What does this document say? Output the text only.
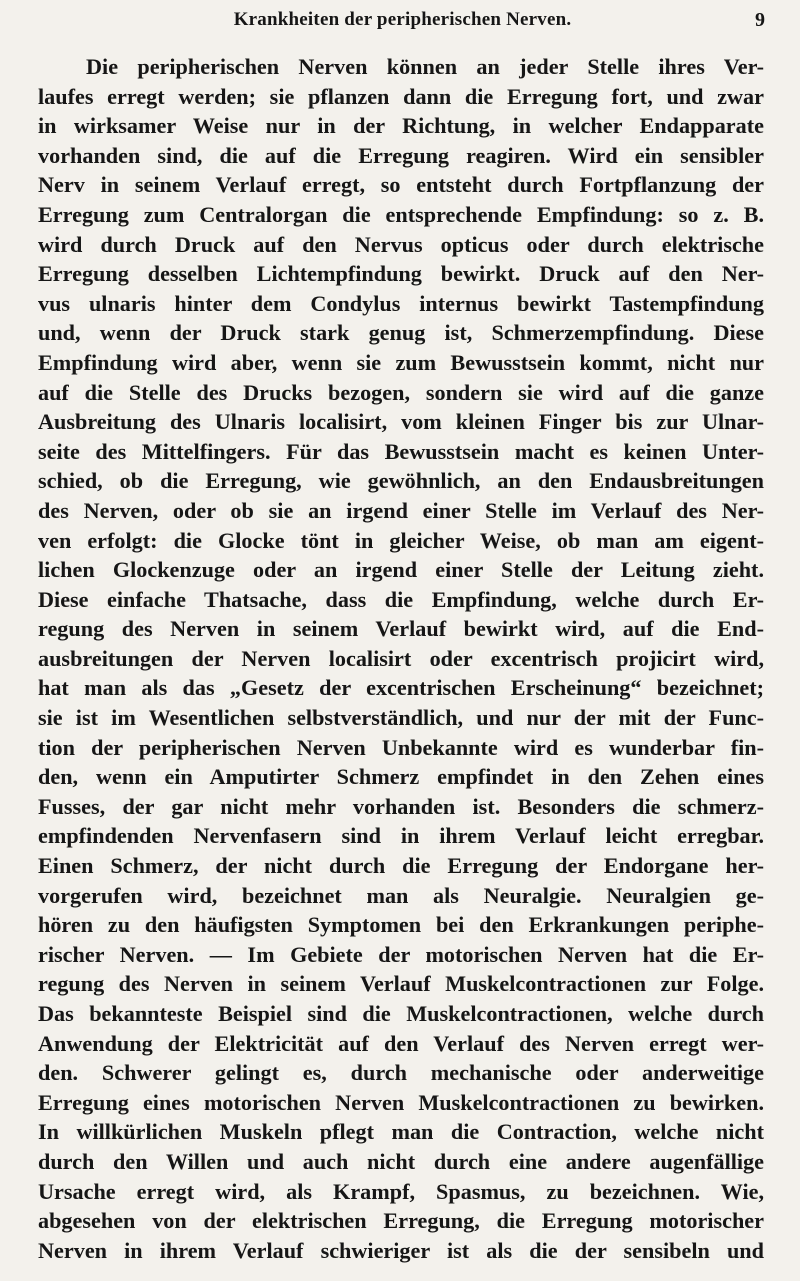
Krankheiten der peripherischen Nerven.	9
Die peripherischen Nerven können an jeder Stelle ihres Ver-
laufes erregt werden; sie pflanzen dann die Erregung fort, und zwar
in wirksamer Weise nur in der Richtung, in welcher Endapparate
vorhanden sind, die auf die Erregung reagiren. Wird ein sensibler
Nerv in seinem Verlauf erregt, so entsteht durch Fortpflanzung der
Erregung zum Centralorgan die entsprechende Empfindung: so z. B.
wird durch Druck auf den Nervus opticus oder durch elektrische
Erregung desselben Lichtempfindung bewirkt. Druck auf den Ner-
vus ulnaris hinter dem Condylus internus bewirkt Tastempfindung
und, wenn der Druck stark genug ist, Schmerzempfindung. Diese
Empfindung wird aber, wenn sie zum Bewusstsein kommt, nicht nur
auf die Stelle des Drucks bezogen, sondern sie wird auf die ganze
Ausbreitung des Ulnaris localisirt, vom kleinen Finger bis zur Ulnar-
seite des Mittelfingers. Für das Bewusstsein macht es keinen Unter-
schied, ob die Erregung, wie gewöhnlich, an den Endausbreitungen
des Nerven, oder ob sie an irgend einer Stelle im Verlauf des Ner-
ven erfolgt: die Glocke tönt in gleicher Weise, ob man am eigent-
lichen Glockenzuge oder an irgend einer Stelle der Leitung zieht.
Diese einfache Thatsache, dass die Empfindung, welche durch Er-
regung des Nerven in seinem Verlauf bewirkt wird, auf die End-
ausbreitungen der Nerven localisirt oder excentrisch projicirt wird,
hat man als das „Gesetz der excentrischen Erscheinung“ bezeichnet;
sie ist im Wesentlichen selbstverständlich, und nur der mit der Func-
tion der peripherischen Nerven Unbekannte wird es wunderbar fin-
den, wenn ein Amputirter Schmerz empfindet in den Zehen eines
Fusses, der gar nicht mehr vorhanden ist. Besonders die schmerz-
empfindenden Nervenfasern sind in ihrem Verlauf leicht erregbar.
Einen Schmerz, der nicht durch die Erregung der Endorgane her-
vorgerufen wird, bezeichnet man als Neuralgie. Neuralgien ge-
hören zu den häufigsten Symptomen bei den Erkrankungen periphe-
rischer Nerven. — Im Gebiete der motorischen Nerven hat die Er-
regung des Nerven in seinem Verlauf Muskelcontractionen zur Folge.
Das bekannteste Beispiel sind die Muskelcontractionen, welche durch
Anwendung der Elektricität auf den Verlauf des Nerven erregt wer-
den. Schwerer gelingt es, durch mechanische oder anderweitige
Erregung eines motorischen Nerven Muskelcontractionen zu bewirken.
In willkürlichen Muskeln pflegt man die Contraction, welche nicht
durch den Willen und auch nicht durch eine andere augenfällige
Ursache erregt wird, als Krampf, Spasmus, zu bezeichnen. Wie,
abgesehen von der elektrischen Erregung, die Erregung motorischer
Nerven in ihrem Verlauf schwieriger ist als die der sensibeln und
